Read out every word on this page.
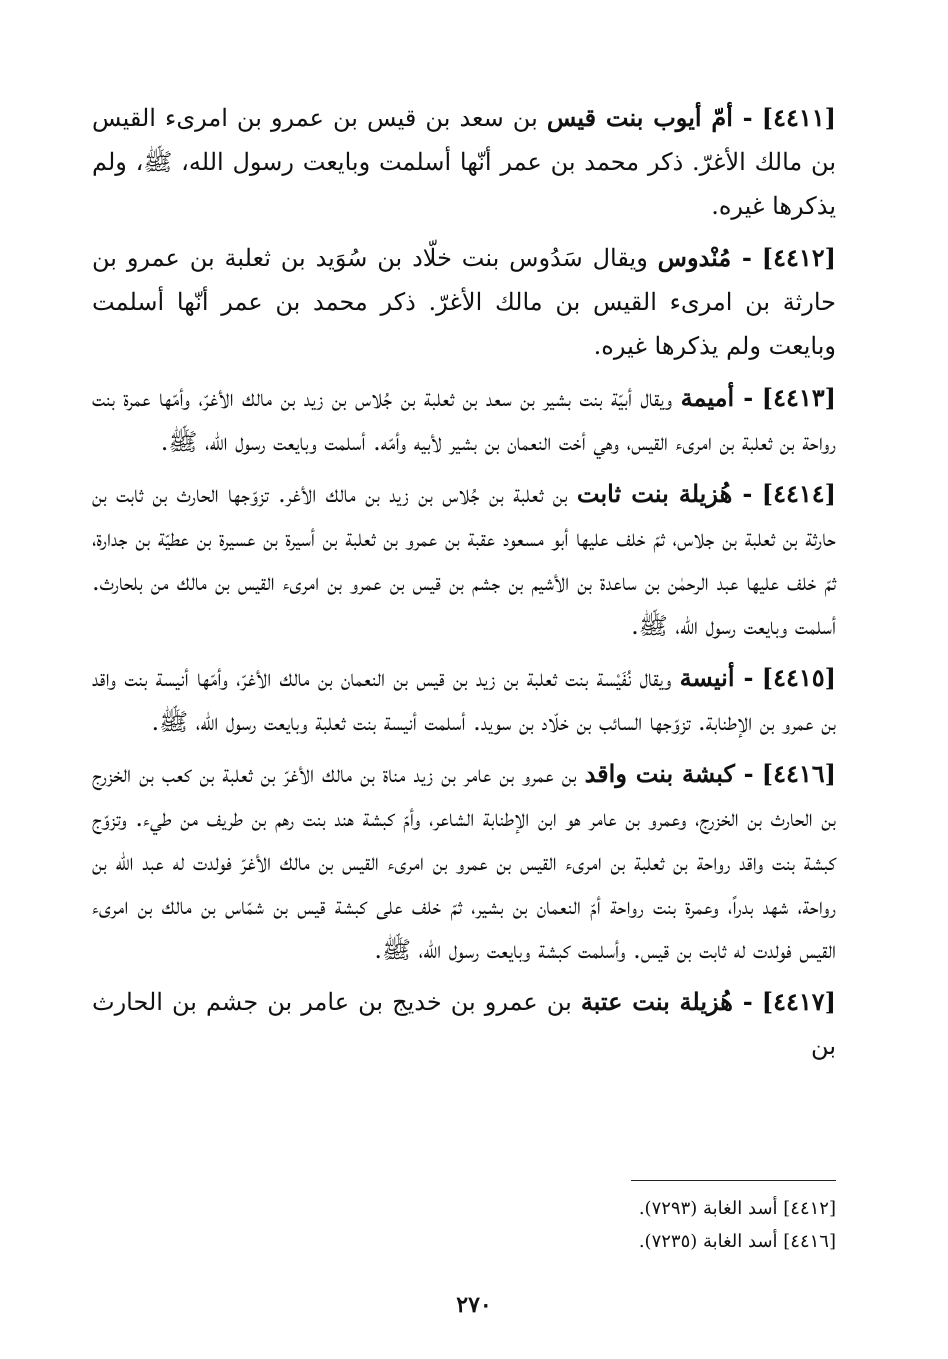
[٤٤١١] - أمّ أيوب بنت قيس بن سعد بن قيس بن عمرو بن امرىء القيس بن مالك الأغرّ. ذكر محمد بن عمر أنّها أسلمت وبايعت رسول الله، ﷺ، ولم يذكرها غيره.

[٤٤١٢] - مُنْدوس ويقال سَدُوس بنت خلّاد بن سُوَيد بن ثعلبة بن عمرو بن حارثة بن امرىء القيس بن مالك الأغرّ. ذكر محمد بن عمر أنّها أسلمت وبايعت ولم يذكرها غيره.

[٤٤١٣] - أميمة ويقال أبيّة بنت بشير بن سعد بن ثعلبة بن جُلاس بن زيد بن مالك الأغرّ، وأمّها عمرة بنت رواحة بن ثعلبة بن امرىء القيس، وهي أخت النعمان بن بشير لأبيه وأمّه. أسلمت وبايعت رسول الله، ﷺ.

[٤٤١٤] - هُزيلة بنت ثابت بن ثعلبة بن جُلاس بن زيد بن مالك الأغر. تزوّجها الحارث بن ثابت بن حارثة بن ثعلبة بن جلاس، ثمّ خلف عليها أبو مسعود عقبة بن عمرو بن ثعلبة بن أسيرة بن عسيرة بن عطيّة بن جدارة، ثمّ خلف عليها عبد الرحمٰن بن ساعدة بن الأشيم بن جشم بن قيس بن عمرو بن امرىء القيس بن مالك من بلحارث. أسلمت وبايعت رسول الله، ﷺ.

[٤٤١٥] - أنيسة ويقال نُفَيْسة بنت ثعلبة بن زيد بن قيس بن النعمان بن مالك الأغرّ، وأمّها أنيسة بنت واقد بن عمرو بن الإطنابة. تزوّجها السائب بن خلّاد بن سويد. أسلمت أنيسة بنت ثعلبة وبايعت رسول الله، ﷺ.

[٤٤١٦] - كبشة بنت واقد بن عمرو بن عامر بن زيد مناة بن مالك الأغرّ بن ثعلبة بن كعب بن الخزرج بن الحارث بن الخزرج، وعمرو بن عامر هو ابن الإطنابة الشاعر، وأمّ كبشة هند بنت رهم بن طريف من طيء. وتزوّج كبشة بنت واقد رواحة بن ثعلبة بن امرىء القيس بن عمرو بن امرىء القيس بن مالك الأغرّ فولدت له عبد الله بن رواحة، شهد بدراً، وعمرة بنت رواحة أمّ النعمان بن بشير، ثمّ خلف على كبشة قيس بن شمّاس بن مالك بن امرىء القيس فولدت له ثابت بن قيس. وأسلمت كبشة وبايعت رسول الله، ﷺ.

[٤٤١٧] - هُزيلة بنت عتبة بن عمرو بن خديج بن عامر بن جشم بن الحارث بن

[٤٤١٢] أسد الغابة (٧٢٩٣).

[٤٤١٦] أسد الغابة (٧٢٣٥).

٢٧٠
